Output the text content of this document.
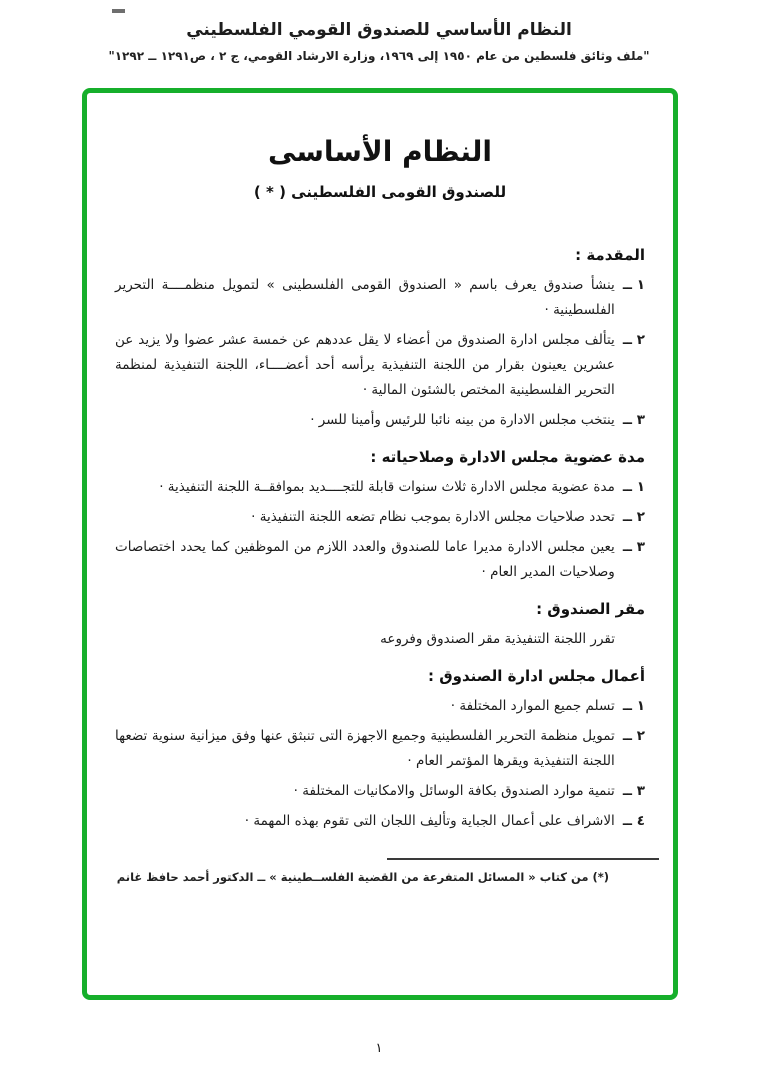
النظام الأساسي للصندوق القومي الفلسطيني
"ملف وثائق فلسطين من عام ١٩٥٠ إلى ١٩٦٩، وزارة الارشاد القومي، ج ٢ ، ص١٢٩١ ــ ١٢٩٢"
النظام الأساسى
للصندوق القومى الفلسطينى ( * )
المقدمة :
١ ــ
ينشأ صندوق يعرف باسم « الصندوق القومى الفلسطينى » لتمويل منظمــــة التحرير الفلسطينية ·
٢ ــ
يتألف مجلس ادارة الصندوق من أعضاء لا يقل عددهم عن خمسة عشر عضوا ولا يزيد عن عشرين يعينون بقرار من اللجنة التنفيذية يرأسه أحد أعضــــاء، اللجنة التنفيذية لمنظمة التحرير الفلسطينية المختص بالشئون المالية ·
٣ ــ
ينتخب مجلس الادارة من بينه نائبا للرئيس وأمينا للسر ·
مدة عضوية مجلس الادارة وصلاحياته :
١ ــ
مدة عضوية مجلس الادارة ثلاث سنوات قابلة للتجــــديد بموافقــة اللجنة التنفيذية ·
٢ ــ
تحدد صلاحيات مجلس الادارة بموجب نظام تضعه اللجنة التنفيذية ·
٣ ــ
يعين مجلس الادارة مديرا عاما للصندوق والعدد اللازم من الموظفين كما يحدد اختصاصات وصلاحيات المدير العام ·
مقر الصندوق :
تقرر اللجنة التنفيذية مقر الصندوق وفروعه
أعمال مجلس ادارة الصندوق :
١ ــ
تسلم جميع الموارد المختلفة ·
٢ ــ
تمويل منظمة التحرير الفلسطينية وجميع الاجهزة التى تنبثق عنها وفق ميزانية سنوية تضعها اللجنة التنفيذية ويقرها المؤتمر العام ·
٣ ــ
تنمية موارد الصندوق بكافة الوسائل والامكانيات المختلفة ·
٤ ــ
الاشراف على أعمال الجباية وتأليف اللجان التى تقوم بهذه المهمة ·
(*) من كتاب « المسائل المتفرعة من القضية الفلســطينية » ــ الدكتور أحمد حافظ غانم
١
